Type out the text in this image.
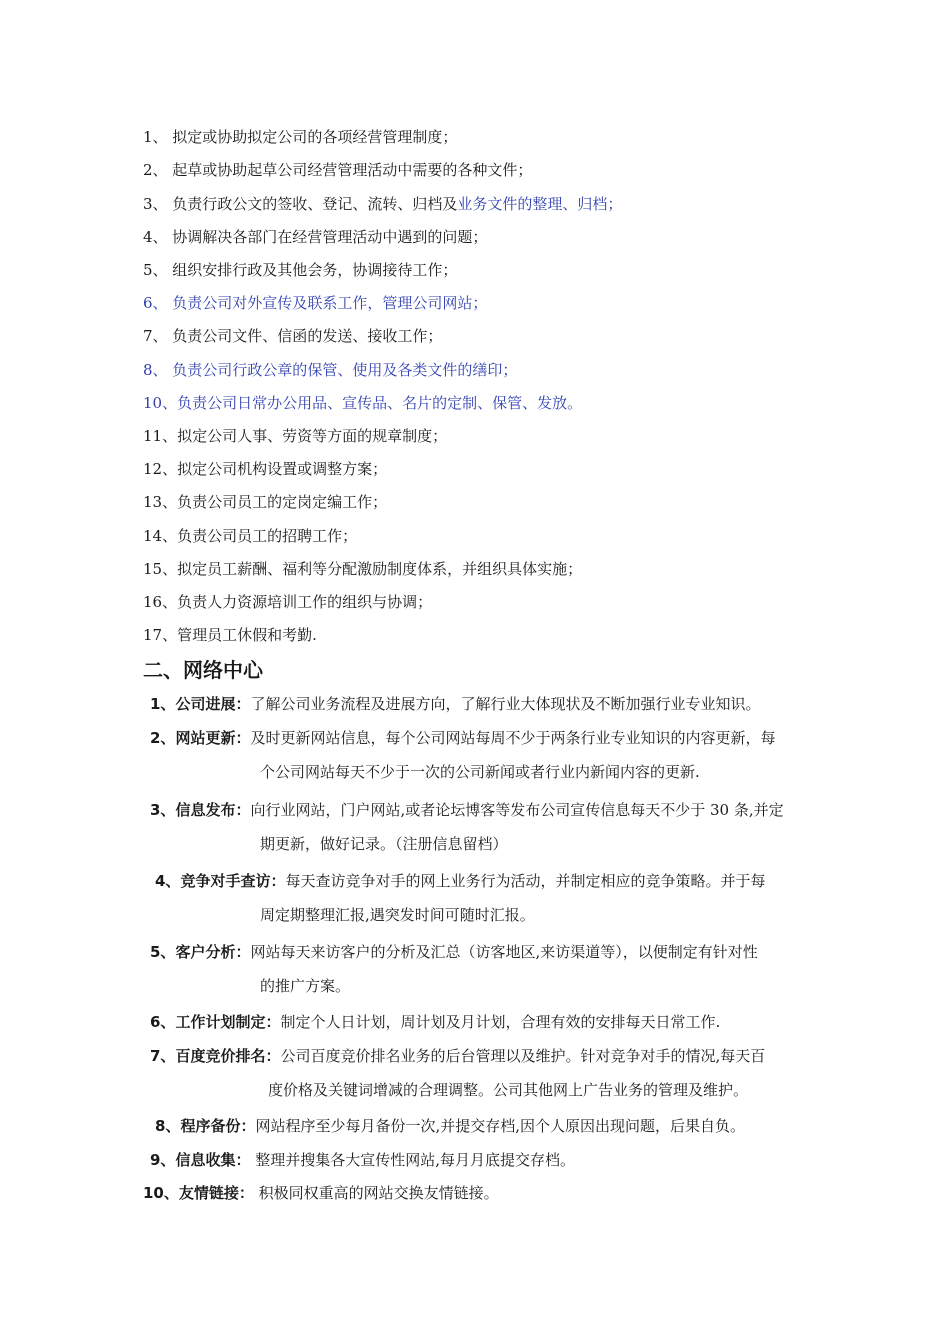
1、 拟定或协助拟定公司的各项经营管理制度；
2、 起草或协助起草公司经营管理活动中需要的各种文件；
3、 负责行政公文的签收、登记、流转、归档及业务文件的整理、归档；
4、 协调解决各部门在经营管理活动中遇到的问题；
5、 组织安排行政及其他会务，协调接待工作；
6、 负责公司对外宣传及联系工作，管理公司网站；
7、 负责公司文件、信函的发送、接收工作；
8、 负责公司行政公章的保管、使用及各类文件的缮印；
10、负责公司日常办公用品、宣传品、名片的定制、保管、发放。
11、拟定公司人事、劳资等方面的规章制度；
12、拟定公司机构设置或调整方案；
13、负责公司员工的定岗定编工作；
14、负责公司员工的招聘工作；
15、拟定员工薪酬、福利等分配激励制度体系，并组织具体实施；
16、负责人力资源培训工作的组织与协调；
17、管理员工休假和考勤.
二、网络中心
1、公司进展：了解公司业务流程及进展方向，了解行业大体现状及不断加强行业专业知识。
2、网站更新：及时更新网站信息，每个公司网站每周不少于两条行业专业知识的内容更新，每
个公司网站每天不少于一次的公司新闻或者行业内新闻内容的更新.
3、信息发布：向行业网站，门户网站,或者论坛博客等发布公司宣传信息每天不少于 30 条,并定
期更新，做好记录。（注册信息留档）
4、竞争对手查访：每天查访竞争对手的网上业务行为活动，并制定相应的竞争策略。并于每
周定期整理汇报,遇突发时间可随时汇报。
5、客户分析：网站每天来访客户的分析及汇总（访客地区,来访渠道等），以便制定有针对性
的推广方案。
6、工作计划制定：制定个人日计划，周计划及月计划，合理有效的安排每天日常工作.
7、百度竞价排名：公司百度竞价排名业务的后台管理以及维护。针对竞争对手的情况,每天百
度价格及关键词增减的合理调整。公司其他网上广告业务的管理及维护。
8、程序备份：网站程序至少每月备份一次,并提交存档,因个人原因出现问题，后果自负。
9、信息收集： 整理并搜集各大宣传性网站,每月月底提交存档。
10、友情链接： 积极同权重高的网站交换友情链接。
